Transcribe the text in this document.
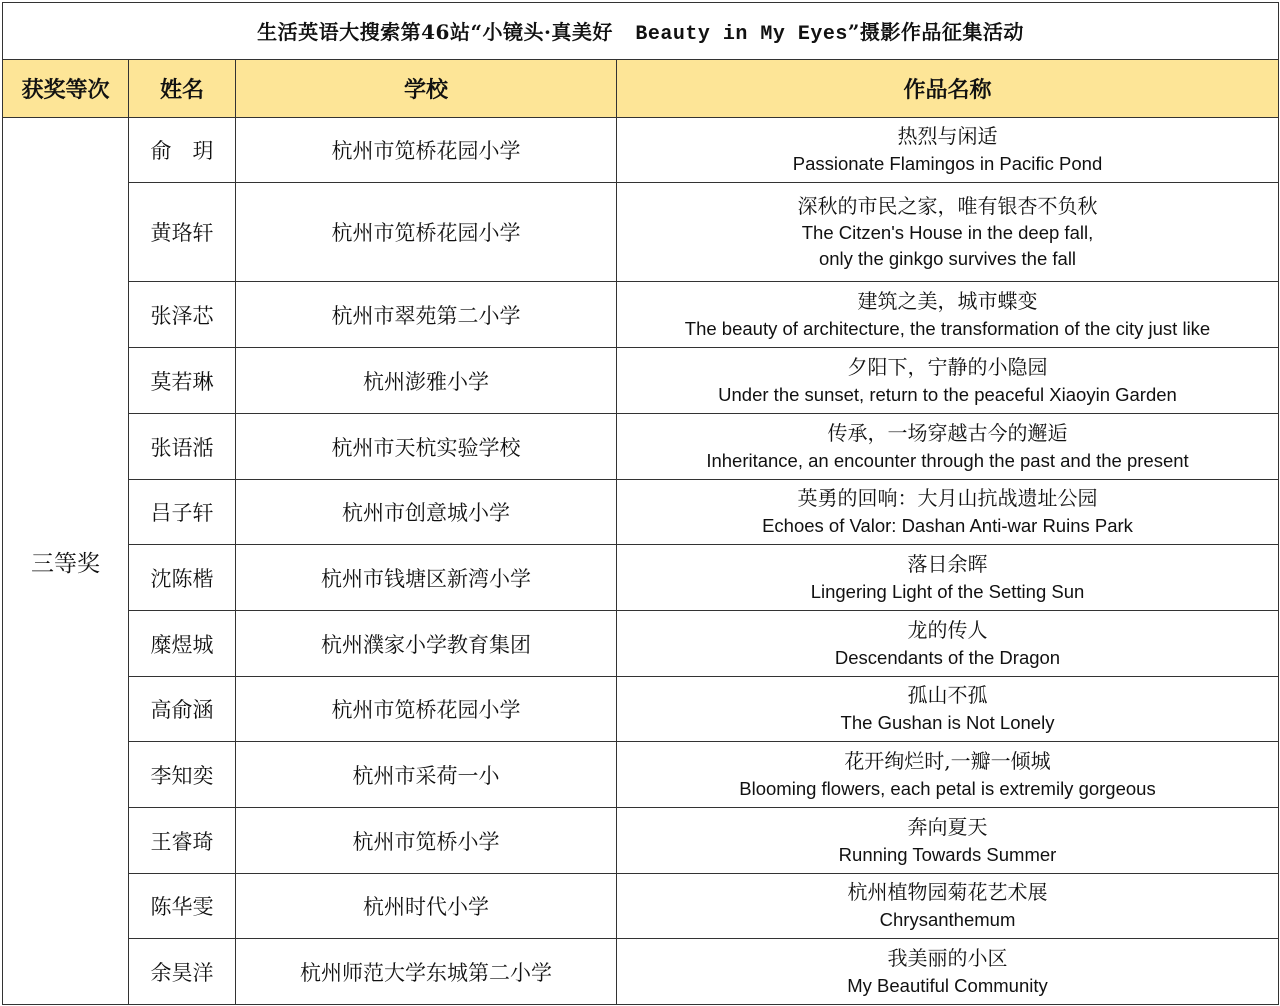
生活英语大搜索第46站“小镜头·真美好 Beauty in My Eyes”摄影作品征集活动			
获奖等次	姓名	学校	作品名称
三等奖	俞　玥	杭州市笕桥花园小学	热烈与闲适
Passionate Flamingos in Pacific Pond

	黄珞轩	杭州市笕桥花园小学	深秋的市民之家，唯有银杏不负秋
The Citzen's House in the deep fall,
only the ginkgo survives the fall

	张泽芯	杭州市翠苑第二小学	建筑之美，城市蝶变
The beauty of architecture, the transformation of the city just like

	莫若琳	杭州澎雅小学	夕阳下，宁静的小隐园
Under the sunset, return to the peaceful Xiaoyin Garden

	张语湉	杭州市天杭实验学校	传承，一场穿越古今的邂逅
Inheritance, an encounter through the past and the present

	吕子轩	杭州市创意城小学	英勇的回响：大月山抗战遗址公园
Echoes of Valor: Dashan Anti-war Ruins Park

	沈陈楷	杭州市钱塘区新湾小学	落日余晖
Lingering Light of the Setting Sun

	糜煜城	杭州濮家小学教育集团	龙的传人
Descendants of the Dragon

	高俞涵	杭州市笕桥花园小学	孤山不孤
The Gushan is Not Lonely

	李知奕	杭州市采荷一小	花开绚烂时,一瓣一倾城
Blooming flowers, each petal is extremily gorgeous

	王睿琦	杭州市笕桥小学	奔向夏天
Running Towards Summer

	陈华雯	杭州时代小学	杭州植物园菊花艺术展
Chrysanthemum

	余昊洋	杭州师范大学东城第二小学	我美丽的小区
My Beautiful Community
